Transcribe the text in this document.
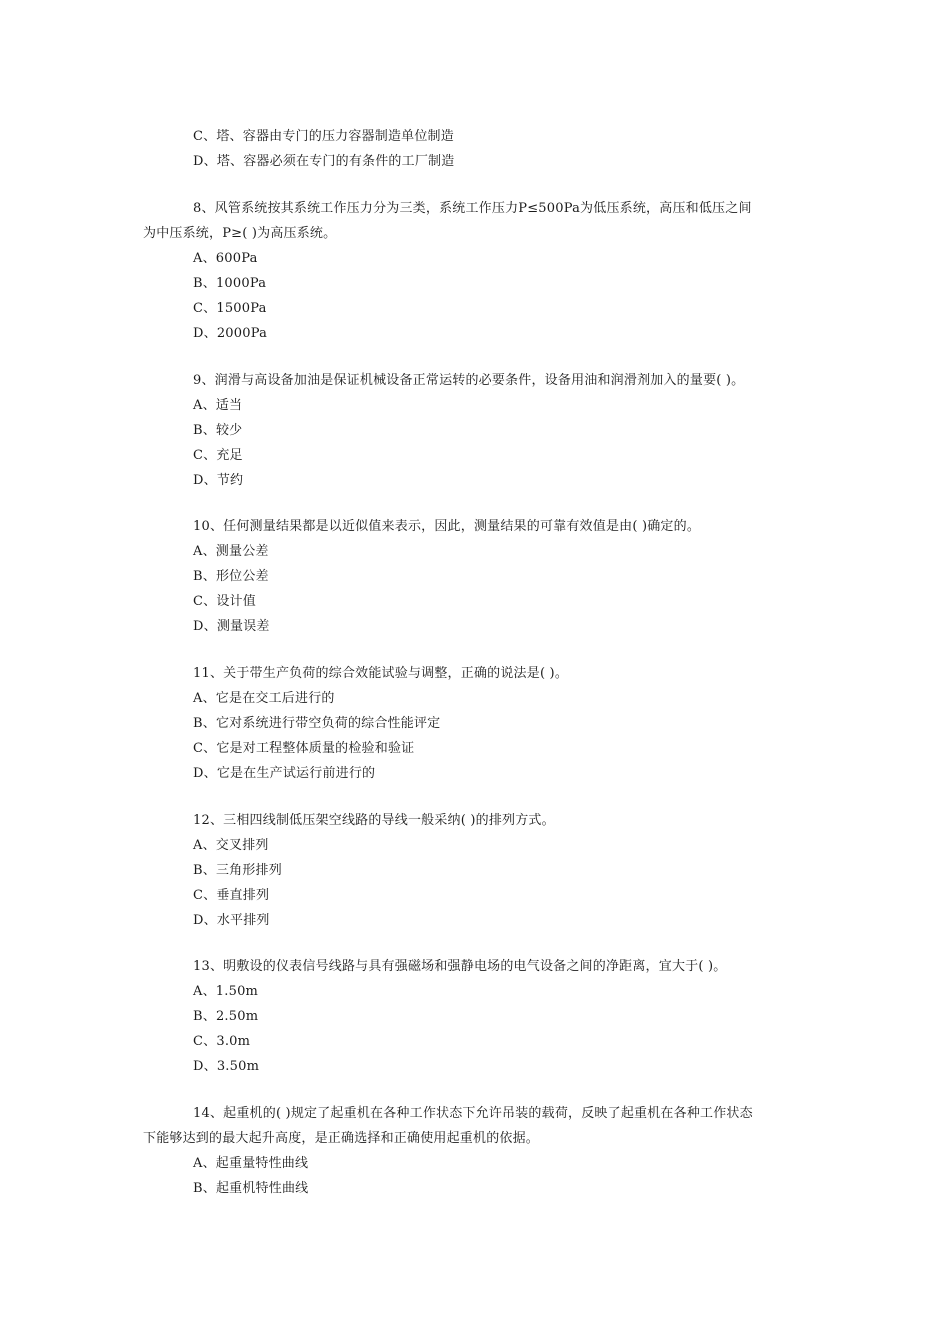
C、塔、容器由专门的压力容器制造单位制造
D、塔、容器必须在专门的有条件的工厂制造
8、风管系统按其系统工作压力分为三类，系统工作压力P≤500Pa为低压系统，高压和低压之间
为中压系统，P≥( )为高压系统。
A、600Pa
B、1000Pa
C、1500Pa
D、2000Pa
9、润滑与高设备加油是保证机械设备正常运转的必要条件，设备用油和润滑剂加入的量要( )。
A、适当
B、较少
C、充足
D、节约
10、任何测量结果都是以近似值来表示，因此，测量结果的可靠有效值是由( )确定的。
A、测量公差
B、形位公差
C、设计值
D、测量误差
11、关于带生产负荷的综合效能试验与调整，正确的说法是( )。
A、它是在交工后进行的
B、它对系统进行带空负荷的综合性能评定
C、它是对工程整体质量的检验和验证
D、它是在生产试运行前进行的
12、三相四线制低压架空线路的导线一般采纳( )的排列方式。
A、交叉排列
B、三角形排列
C、垂直排列
D、水平排列
13、明敷设的仪表信号线路与具有强磁场和强静电场的电气设备之间的净距离，宜大于( )。
A、1.50m
B、2.50m
C、3.0m
D、3.50m
14、起重机的( )规定了起重机在各种工作状态下允许吊装的载荷，反映了起重机在各种工作状态
下能够达到的最大起升高度，是正确选择和正确使用起重机的依据。
A、起重量特性曲线
B、起重机特性曲线
